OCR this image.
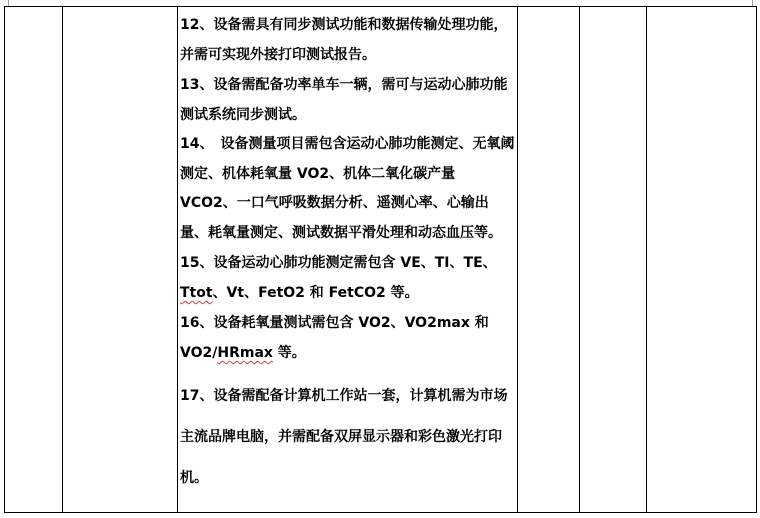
12、设备需具有同步测试功能和数据传输处理功能，并需可实现外接打印测试报告。

13、设备需配备功率单车一辆，需可与运动心肺功能测试系统同步测试。

14、　设备测量项目需包含运动心肺功能测定、无氧阈测定、机体耗氧量 VO2、机体二氧化碳产量 VCO2、一口气呼吸数据分析、遥测心率、心输出量、耗氧量测定、测试数据平滑处理和动态血压等。

15、设备运动心肺功能测定需包含 VE、TI、TE、Ttot、Vt、FetO2 和 FetCO2 等。

16、设备耗氧量测试需包含 VO2、VO2max 和 VO2/HRmax 等。

17、设备需配备计算机工作站一套，计算机需为市场主流品牌电脑，并需配备双屏显示器和彩色激光打印机。
